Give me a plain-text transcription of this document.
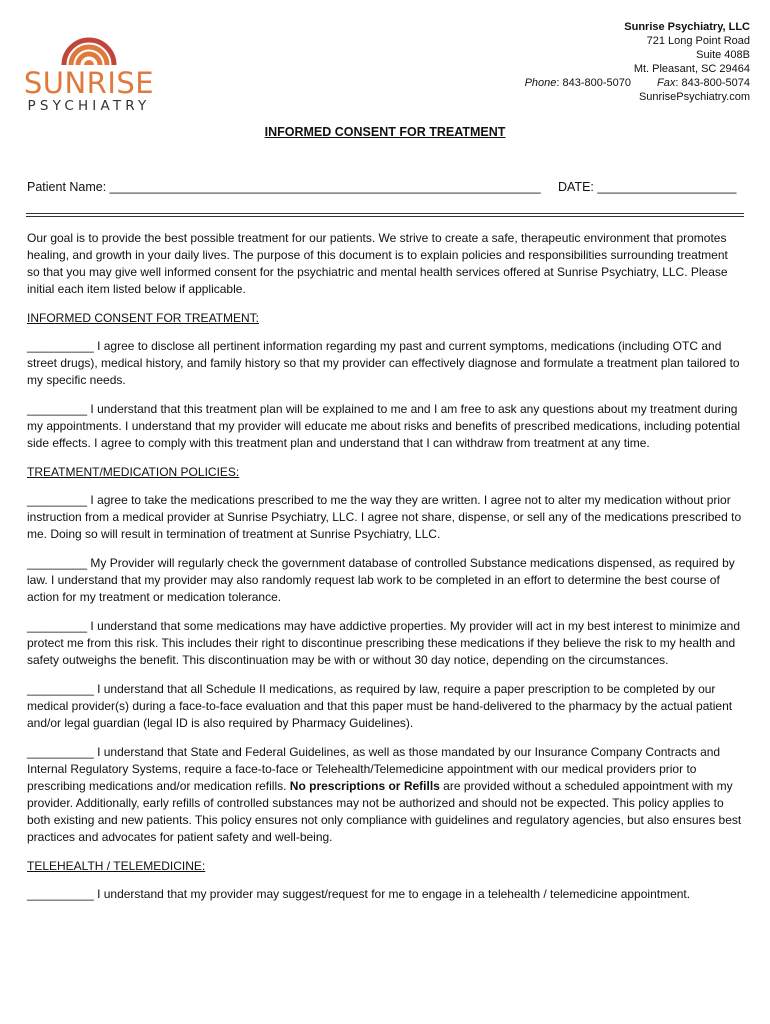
SUNRISE
PSYCHIATRY
Sunrise Psychiatry, LLC
721 Long Point Road
Suite 408B
Mt. Pleasant, SC 29464
Phone: 843-800-5070 Fax: 843-800-5074
SunrisePsychiatry.com
INFORMED CONSENT FOR TREATMENT
Patient Name: ______________________________________________________________ DATE: ____________________

Our goal is to provide the best possible treatment for our patients. We strive to create a safe, therapeutic environment that promotes healing, and growth in your daily lives. The purpose of this document is to explain policies and responsibilities surrounding treatment so that you may give well informed consent for the psychiatric and mental health services offered at Sunrise Psychiatry, LLC. Please initial each item listed below if applicable.

INFORMED CONSENT FOR TREATMENT:

__________ I agree to disclose all pertinent information regarding my past and current symptoms, medications (including OTC and street drugs), medical history, and family history so that my provider can effectively diagnose and formulate a treatment plan tailored to my specific needs.

_________ I understand that this treatment plan will be explained to me and I am free to ask any questions about my treatment during my appointments. I understand that my provider will educate me about risks and benefits of prescribed medications, including potential side effects. I agree to comply with this treatment plan and understand that I can withdraw from treatment at any time.

TREATMENT/MEDICATION POLICIES:

_________ I agree to take the medications prescribed to me the way they are written. I agree not to alter my medication without prior instruction from a medical provider at Sunrise Psychiatry, LLC. I agree not share, dispense, or sell any of the medications prescribed to me. Doing so will result in termination of treatment at Sunrise Psychiatry, LLC.

_________ My Provider will regularly check the government database of controlled Substance medications dispensed, as required by law. I understand that my provider may also randomly request lab work to be completed in an effort to determine the best course of action for my treatment or medication tolerance.

_________ I understand that some medications may have addictive properties. My provider will act in my best interest to minimize and protect me from this risk. This includes their right to discontinue prescribing these medications if they believe the risk to my health and safety outweighs the benefit. This discontinuation may be with or without 30 day notice, depending on the circumstances.

__________ I understand that all Schedule II medications, as required by law, require a paper prescription to be completed by our medical provider(s) during a face-to-face evaluation and that this paper must be hand-delivered to the pharmacy by the actual patient and/or legal guardian (legal ID is also required by Pharmacy Guidelines).

__________ I understand that State and Federal Guidelines, as well as those mandated by our Insurance Company Contracts and Internal Regulatory Systems, require a face-to-face or Telehealth/Telemedicine appointment with our medical providers prior to prescribing medications and/or medication refills. No prescriptions or Refills are provided without a scheduled appointment with my provider. Additionally, early refills of controlled substances may not be authorized and should not be expected. This policy applies to both existing and new patients. This policy ensures not only compliance with guidelines and regulatory agencies, but also ensures best practices and advocates for patient safety and well-being.

TELEHEALTH / TELEMEDICINE:

__________ I understand that my provider may suggest/request for me to engage in a telehealth / telemedicine appointment.
